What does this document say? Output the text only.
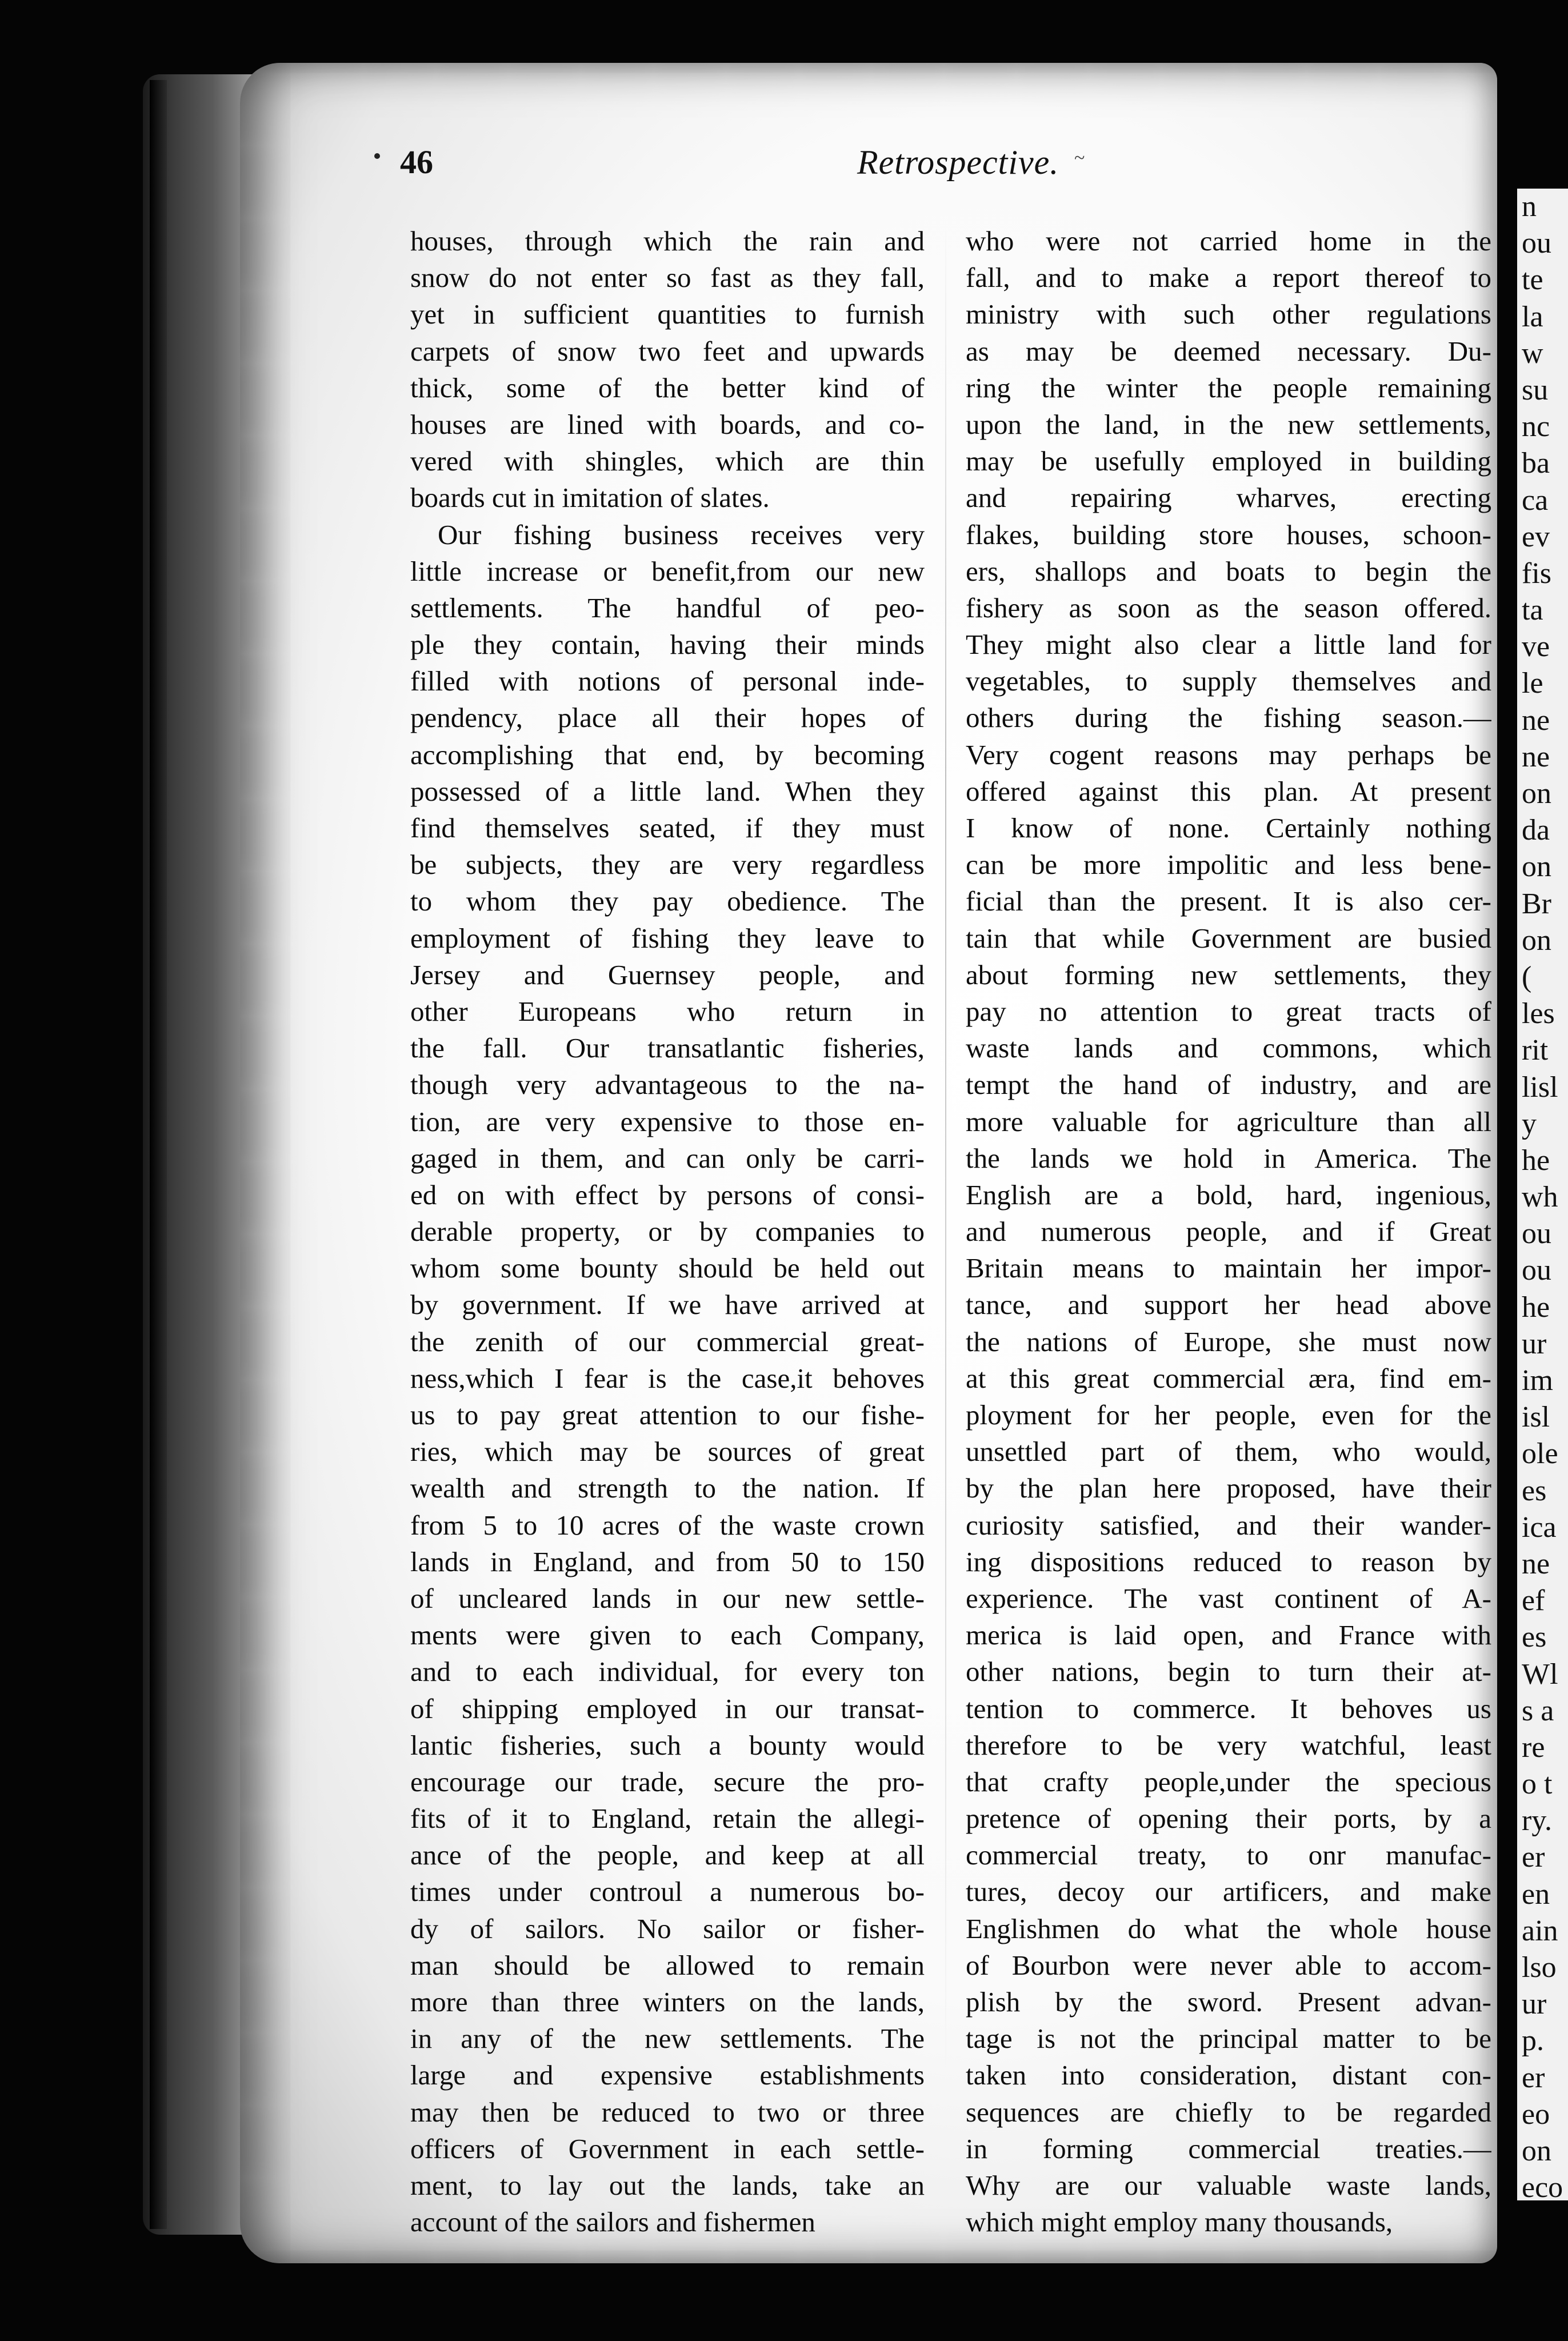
46	Retrospective. ~
houses, through which the rain and
snow do not enter so fast as they fall,
yet in sufficient quantities to furnish
carpets of snow two feet and upwards
thick, some of the better kind of
houses are lined with boards, and co-
vered with shingles, which are thin
boards cut in imitation of slates.
Our fishing business receives very
little increase or benefit,from our new
settlements. The handful of peo-
ple they contain, having their minds
filled with notions of personal inde-
pendency, place all their hopes of
accomplishing that end, by becoming
possessed of a little land. When they
find themselves seated, if they must
be subjects, they are very regardless
to whom they pay obedience. The
employment of fishing they leave to
Jersey and Guernsey people, and
other Europeans who return in
the fall. Our transatlantic fisheries,
though very advantageous to the na-
tion, are very expensive to those en-
gaged in them, and can only be carri-
ed on with effect by persons of consi-
derable property, or by companies to
whom some bounty should be held out
by government. If we have arrived at
the zenith of our commercial great-
ness,which I fear is the case,it behoves
us to pay great attention to our fishe-
ries, which may be sources of great
wealth and strength to the nation. If
from 5 to 10 acres of the waste crown
lands in England, and from 50 to 150
of uncleared lands in our new settle-
ments were given to each Company,
and to each individual, for every ton
of shipping employed in our transat-
lantic fisheries, such a bounty would
encourage our trade, secure the pro-
fits of it to England, retain the allegi-
ance of the people, and keep at all
times under controul a numerous bo-
dy of sailors. No sailor or fisher-
man should be allowed to remain
more than three winters on the lands,
in any of the new settlements. The
large and expensive establishments
may then be reduced to two or three
officers of Government in each settle-
ment, to lay out the lands, take an
account of the sailors and fishermen
who were not carried home in the
fall, and to make a report thereof to
ministry with such other regulations
as may be deemed necessary. Du-
ring the winter the people remaining
upon the land, in the new settlements,
may be usefully employed in building
and repairing wharves, erecting
flakes, building store houses, schoon-
ers, shallops and boats to begin the
fishery as soon as the season offered.
They might also clear a little land for
vegetables, to supply themselves and
others during the fishing season.—
Very cogent reasons may perhaps be
offered against this plan. At present
I know of none. Certainly nothing
can be more impolitic and less bene-
ficial than the present. It is also cer-
tain that while Government are busied
about forming new settlements, they
pay no attention to great tracts of
waste lands and commons, which
tempt the hand of industry, and are
more valuable for agriculture than all
the lands we hold in America. The
English are a bold, hard, ingenious,
and numerous people, and if Great
Britain means to maintain her impor-
tance, and support her head above
the nations of Europe, she must now
at this great commercial æra, find em-
ployment for her people, even for the
unsettled part of them, who would,
by the plan here proposed, have their
curiosity satisfied, and their wander-
ing dispositions reduced to reason by
experience. The vast continent of A-
merica is laid open, and France with
other nations, begin to turn their at-
tention to commerce. It behoves us
therefore to be very watchful, least
that crafty people,under the specious
pretence of opening their ports, by a
commercial treaty, to onr manufac-
tures, decoy our artificers, and make
Englishmen do what the whole house
of Bourbon were never able to accom-
plish by the sword. Present advan-
tage is not the principal matter to be
taken into consideration, distant con-
sequences are chiefly to be regarded
in forming commercial treaties.—
Why are our valuable waste lands,
which might employ many thousands,
n
ou
te
la
w
su
nc
ba
ca
ev
fis
ta
ve
le
ne
ne
on
da
on
Br
on
(
les
rit
lisl
y
he
wh
ou
ou
he
ur
im
isl
ole
es
ica
ne
ef
es
Wl
s a
re
o t
ry.
er
en
ain
lso
ur
p.
er
eo
on
eco
